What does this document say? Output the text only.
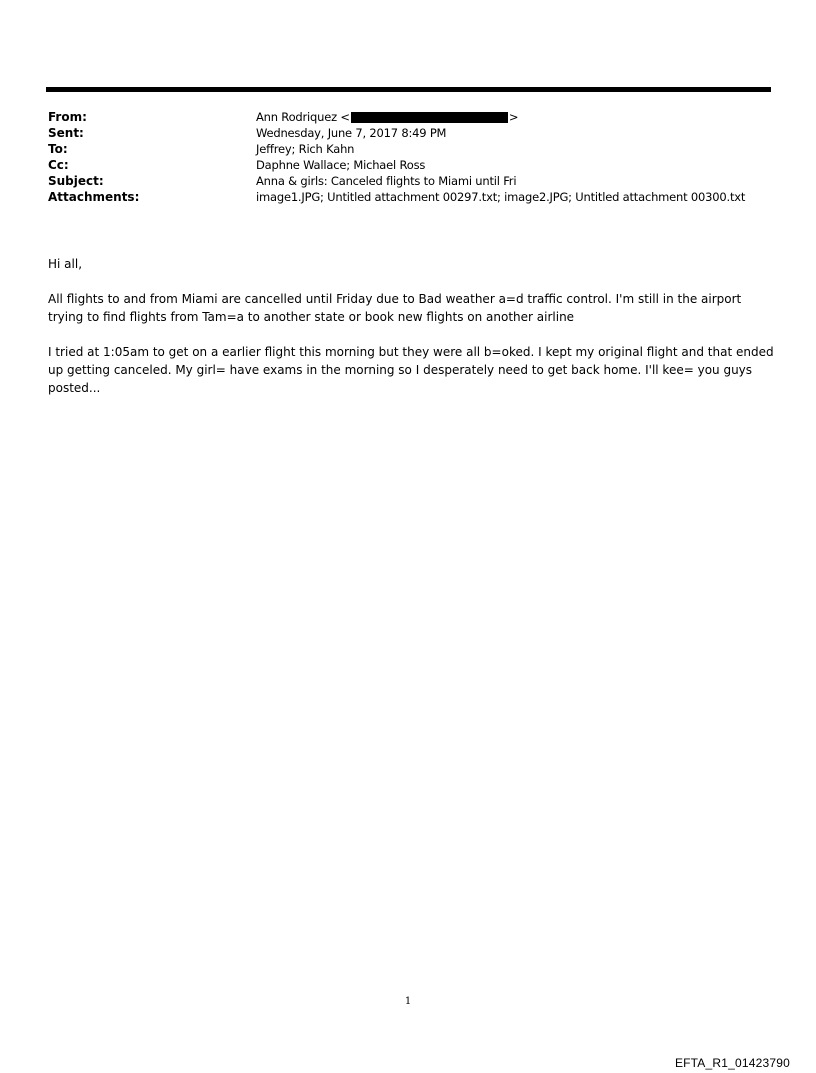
From:	Ann Rodriquez <	>
Sent:	Wednesday, June 7, 2017 8:49 PM
To:	Jeffrey; Rich Kahn
Cc:	Daphne Wallace; Michael Ross
Subject:	Anna & girls: Canceled flights to Miami until Fri
Attachments:	image1.JPG; Untitled attachment 00297.txt; image2.JPG; Untitled attachment 00300.txt

Hi all,

All flights to and from Miami are cancelled until Friday due to Bad weather a=d traffic control. I'm still in the airport trying to find flights from Tam=a to another state or book new flights on another airline

I tried at 1:05am to get on a earlier flight this morning but they were all b=oked. I kept my original flight and that ended up getting canceled. My girl= have exams in the morning so I desperately need to get back home. I'll kee= you guys posted...

1
EFTA_R1_01423790
